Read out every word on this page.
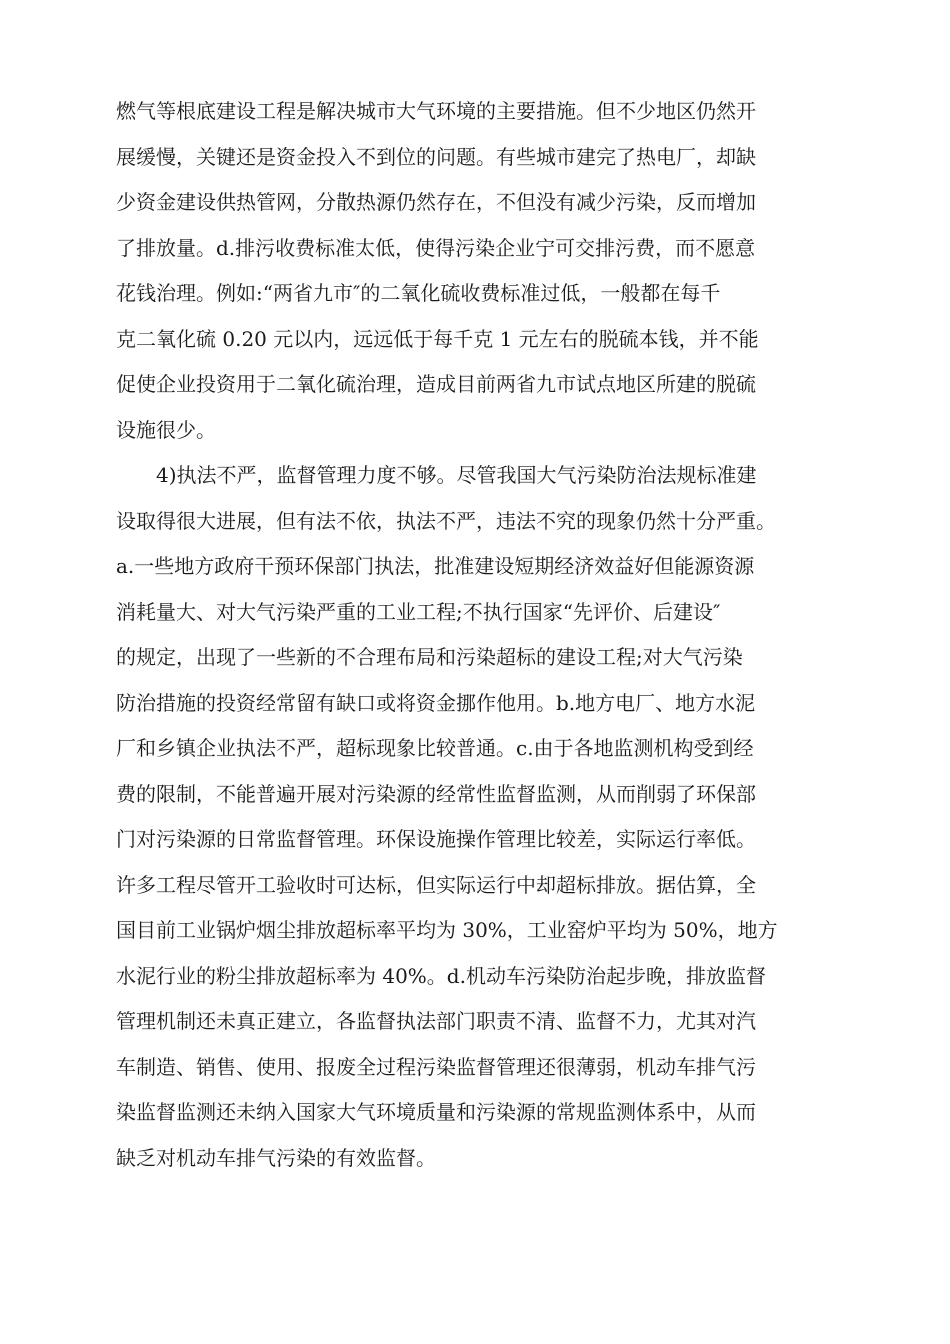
燃气等根底建设工程是解决城市大气环境的主要措施。但不少地区仍然开
展缓慢，关键还是资金投入不到位的问题。有些城市建完了热电厂，却缺
少资金建设供热管网，分散热源仍然存在，不但没有减少污染，反而增加
了排放量。d.排污收费标准太低，使得污染企业宁可交排污费，而不愿意
花钱治理。例如:“两省九市″的二氧化硫收费标准过低，一般都在每千
克二氧化硫 0.20 元以内，远远低于每千克 1 元左右的脱硫本钱，并不能
促使企业投资用于二氧化硫治理，造成目前两省九市试点地区所建的脱硫
设施很少。
4)执法不严，监督管理力度不够。尽管我国大气污染防治法规标准建
设取得很大进展，但有法不依，执法不严，违法不究的现象仍然十分严重。
a.一些地方政府干预环保部门执法，批准建设短期经济效益好但能源资源
消耗量大、对大气污染严重的工业工程;不执行国家“先评价、后建设″
的规定，出现了一些新的不合理布局和污染超标的建设工程;对大气污染
防治措施的投资经常留有缺口或将资金挪作他用。b.地方电厂、地方水泥
厂和乡镇企业执法不严，超标现象比较普通。c.由于各地监测机构受到经
费的限制，不能普遍开展对污染源的经常性监督监测，从而削弱了环保部
门对污染源的日常监督管理。环保设施操作管理比较差，实际运行率低。
许多工程尽管开工验收时可达标，但实际运行中却超标排放。据估算，全
国目前工业锅炉烟尘排放超标率平均为 30%，工业窑炉平均为 50%，地方
水泥行业的粉尘排放超标率为 40%。d.机动车污染防治起步晚，排放监督
管理机制还未真正建立，各监督执法部门职责不清、监督不力，尤其对汽
车制造、销售、使用、报废全过程污染监督管理还很薄弱，机动车排气污
染监督监测还未纳入国家大气环境质量和污染源的常规监测体系中，从而
缺乏对机动车排气污染的有效监督。
